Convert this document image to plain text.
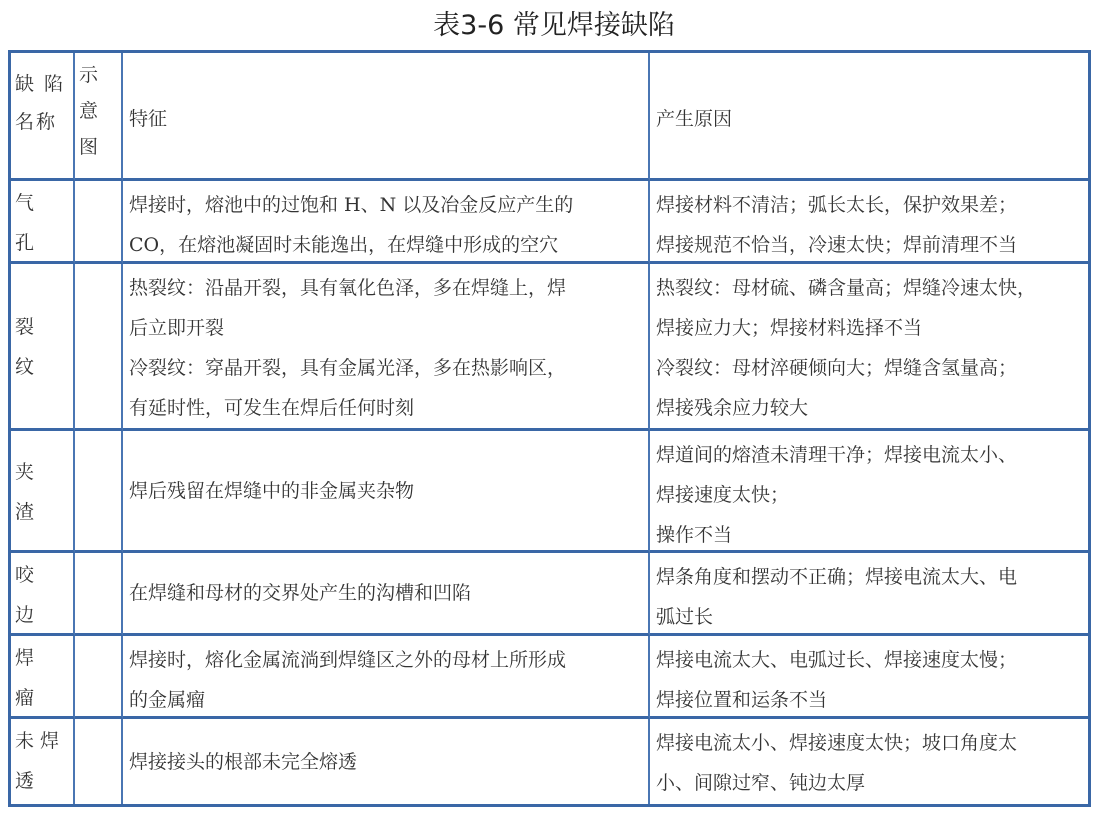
表3-6 常见焊接缺陷
缺 陷
名称
示
意
图
特征	产生原因
气
孔
焊接时，熔池中的过饱和 H、N 以及冶金反应产生的
CO，在熔池凝固时未能逸出，在焊缝中形成的空穴
焊接材料不清洁；弧长太长，保护效果差；
焊接规范不恰当，冷速太快；焊前清理不当
裂
纹
热裂纹：沿晶开裂，具有氧化色泽，多在焊缝上，焊
后立即开裂
冷裂纹：穿晶开裂，具有金属光泽，多在热影响区，
有延时性，可发生在焊后任何时刻
热裂纹：母材硫、磷含量高；焊缝冷速太快，
焊接应力大；焊接材料选择不当
冷裂纹：母材淬硬倾向大；焊缝含氢量高；
焊接残余应力较大
夹
渣
焊后残留在焊缝中的非金属夹杂物
焊道间的熔渣未清理干净；焊接电流太小、
焊接速度太快；
操作不当
咬
边
在焊缝和母材的交界处产生的沟槽和凹陷
焊条角度和摆动不正确；焊接电流太大、电
弧过长
焊
瘤
焊接时，熔化金属流淌到焊缝区之外的母材上所形成
的金属瘤
焊接电流太大、电弧过长、焊接速度太慢；
焊接位置和运条不当
未 焊
透
焊接接头的根部未完全熔透
焊接电流太小、焊接速度太快；坡口角度太
小、间隙过窄、钝边太厚
